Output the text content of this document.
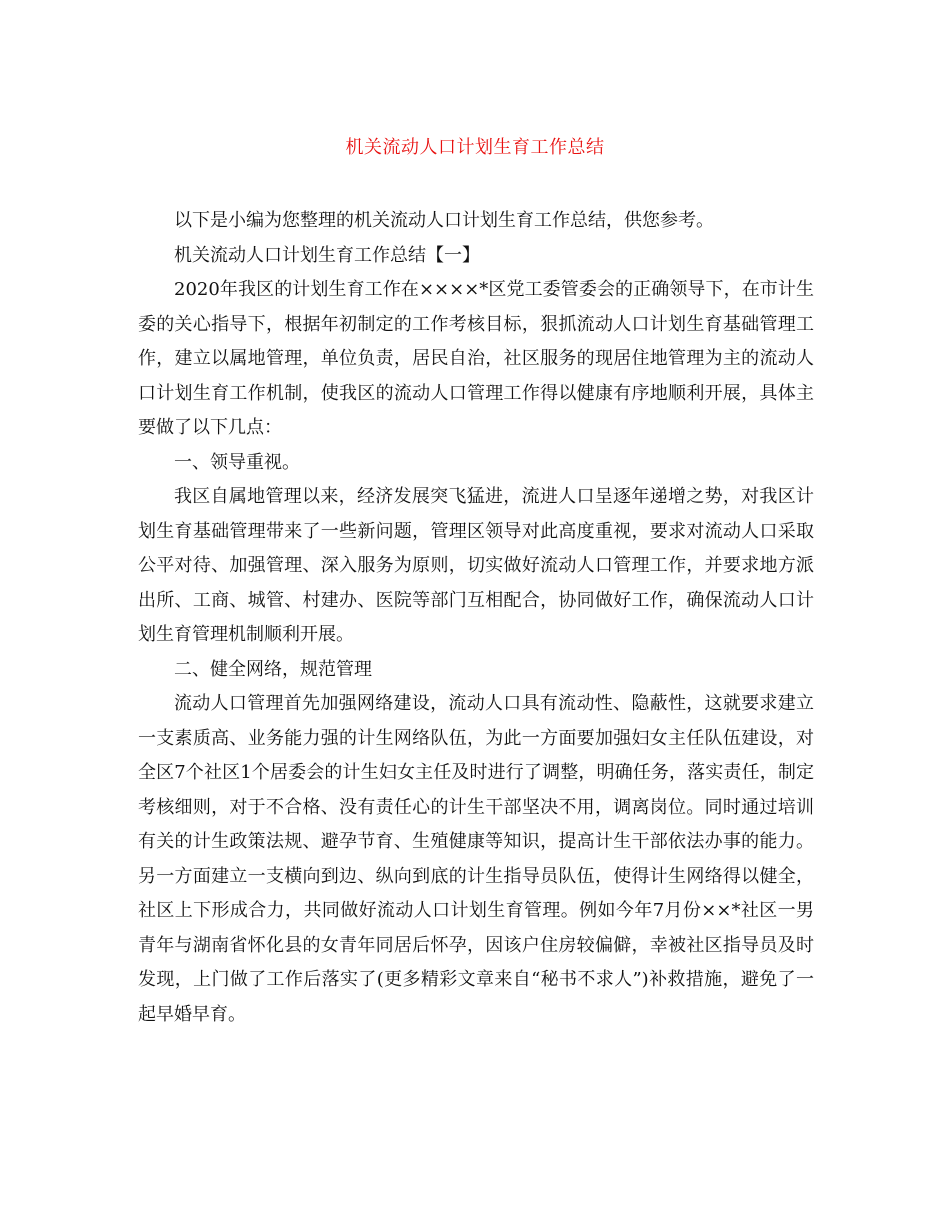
机关流动人口计划生育工作总结

以下是小编为您整理的机关流动人口计划生育工作总结，供您参考。

机关流动人口计划生育工作总结【一】

2020年我区的计划生育工作在××××*区党工委管委会的正确领导下，在市计生委的关心指导下，根据年初制定的工作考核目标，狠抓流动人口计划生育基础管理工作，建立以属地管理，单位负责，居民自治，社区服务的现居住地管理为主的流动人口计划生育工作机制，使我区的流动人口管理工作得以健康有序地顺利开展，具体主要做了以下几点：

一、领导重视。

我区自属地管理以来，经济发展突飞猛进，流进人口呈逐年递增之势，对我区计划生育基础管理带来了一些新问题，管理区领导对此高度重视，要求对流动人口采取公平对待、加强管理、深入服务为原则，切实做好流动人口管理工作，并要求地方派出所、工商、城管、村建办、医院等部门互相配合，协同做好工作，确保流动人口计划生育管理机制顺利开展。

二、健全网络，规范管理

流动人口管理首先加强网络建设，流动人口具有流动性、隐蔽性，这就要求建立一支素质高、业务能力强的计生网络队伍，为此一方面要加强妇女主任队伍建设，对全区7个社区1个居委会的计生妇女主任及时进行了调整，明确任务，落实责任，制定考核细则，对于不合格、没有责任心的计生干部坚决不用，调离岗位。同时通过培训有关的计生政策法规、避孕节育、生殖健康等知识，提高计生干部依法办事的能力。另一方面建立一支横向到边、纵向到底的计生指导员队伍，使得计生网络得以健全，社区上下形成合力，共同做好流动人口计划生育管理。例如今年7月份××*社区一男青年与湖南省怀化县的女青年同居后怀孕，因该户住房较偏僻，幸被社区指导员及时发现，上门做了工作后落实了(更多精彩文章来自“秘书不求人”)补救措施，避免了一起早婚早育。
